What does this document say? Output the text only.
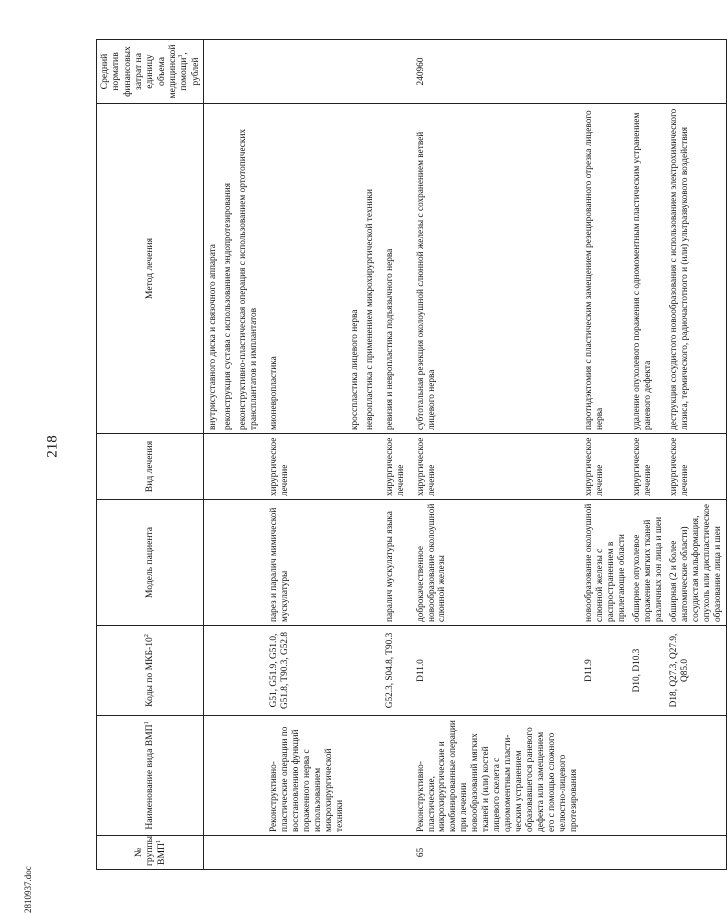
218
2810937.doc
№ группы ВМП$^1$	Наименование вида ВМП$^1$	Коды по МКБ-$10^2$	Модель пациента	Вид лечения	Метод лечения	Средний норматив финансовых затрат на единицу объема медицинской помощи$^3$, рублей

					внутрисуставного диска и связочного аппарата	
					реконструкция сустава с использованием эндопротезирования	
					реконструктивно-пластическая операция с использованием ортотопических трансплантатов и имплантатов	

	Реконструктивно-пластические операции по восстановлению функций пораженного нерва с использованием микрохирургической техники	G51, G51.9, G51.0, G51.8, T90.3, G52.8	парез и паралич мимической мускулатуры	хирургическое лечение	мионевропластика	
					кросспластика лицевого нерва	
					невропластика с применением микрохирургической техники	

		G52.3, S04.8, T90.3	паралич мускулатуры языка	хирургическое лечение	ревизия и невропластика подъязычного нерва	

65	Реконструктивно-пластические, микрохирургические и комбинированные операции при лечении новообразований мягких тканей и (или) костей лицевого скелета с одномоментным пласти-ческим устранением образовавшегося раневого дефекта или замещением его с помощью сложного челюстно-лицевого протезирования	D11.0	доброкачественное новообразование околоушной слюнной железы	хирургическое лечение	субтотальная резекция околоушной слюнной железы с сохранением ветвей лицевого нерва	240960
		D11.9	новообразование околоушной слюнной железы с распространением в прилегающие области	хирургическое лечение	паротидэктомия с пластическим замещением резецированного отрезка лицевого нерва	
		D10, D10.3	обширное опухолевое поражение мягких тканей различных зон лица и шеи	хирургическое лечение	удаление опухолевого поражения с одномоментным пластическим устранением раневого дефекта	
		D18, Q27.3, Q27.9, Q85.0	обширная (2 и более анатомические области) сосудистая мальформация, опухоль или диспластическое образование лица и шеи	хирургическое лечение	деструкция сосудистого новообразования с использованием электрохимического лизиса, термического, радиочастотного и (или) ультразвукового воздействия	
